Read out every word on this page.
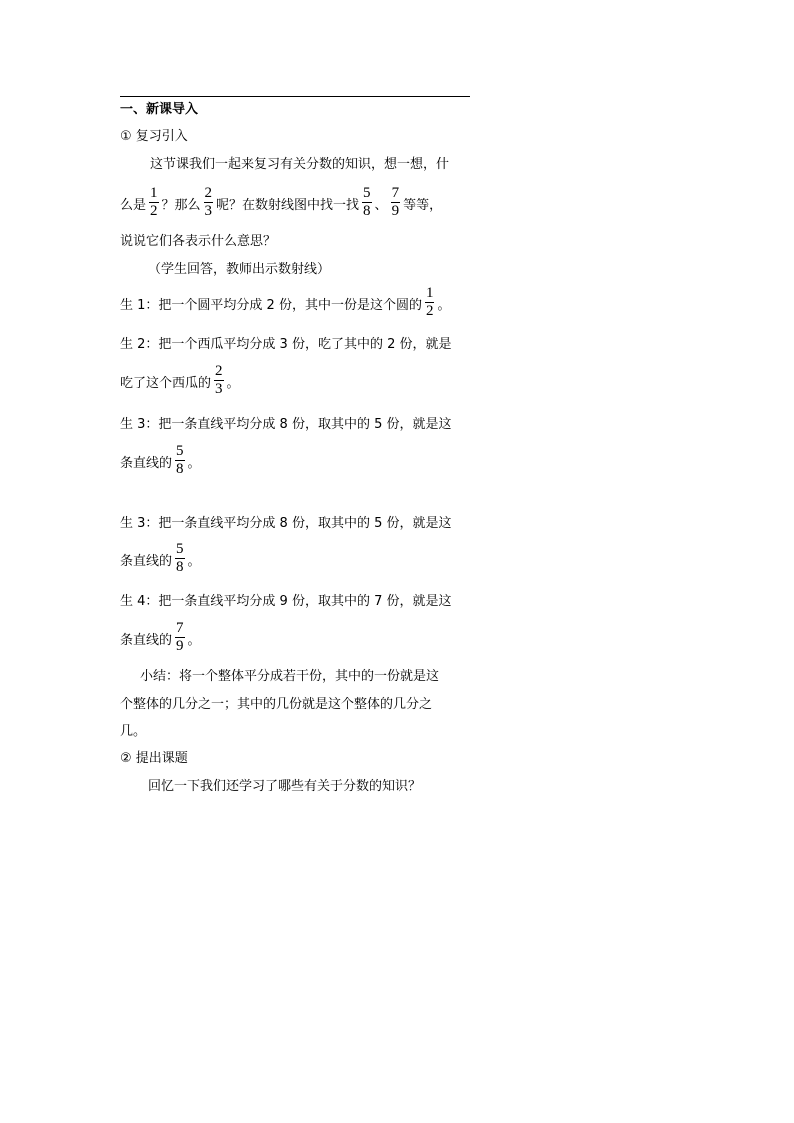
一、新课导入
① 复习引入
这节课我们一起来复习有关分数的知识，想一想，什
么是 $\frac{1}{2}$ ？那么 $\frac{2}{3}$ 呢？在数射线图中找一找 $\frac{5}{8}$ 、 $\frac{7}{9}$ 等等，
说说它们各表示什么意思？
（学生回答，教师出示数射线）
生 1：把一个圆平均分成 2 份，其中一份是这个圆的 $\frac{1}{2}$ 。
生 2：把一个西瓜平均分成 3 份，吃了其中的 2 份，就是
吃了这个西瓜的 $\frac{2}{3}$ 。
生 3：把一条直线平均分成 8 份，取其中的 5 份，就是这
条直线的 $\frac{5}{8}$ 。
生 3：把一条直线平均分成 8 份，取其中的 5 份，就是这
条直线的 $\frac{5}{8}$ 。
生 4：把一条直线平均分成 9 份，取其中的 7 份，就是这
条直线的 $\frac{7}{9}$ 。
小结：将一个整体平分成若干份，其中的一份就是这
个整体的几分之一；其中的几份就是这个整体的几分之
几。
② 提出课题
回忆一下我们还学习了哪些有关于分数的知识？
